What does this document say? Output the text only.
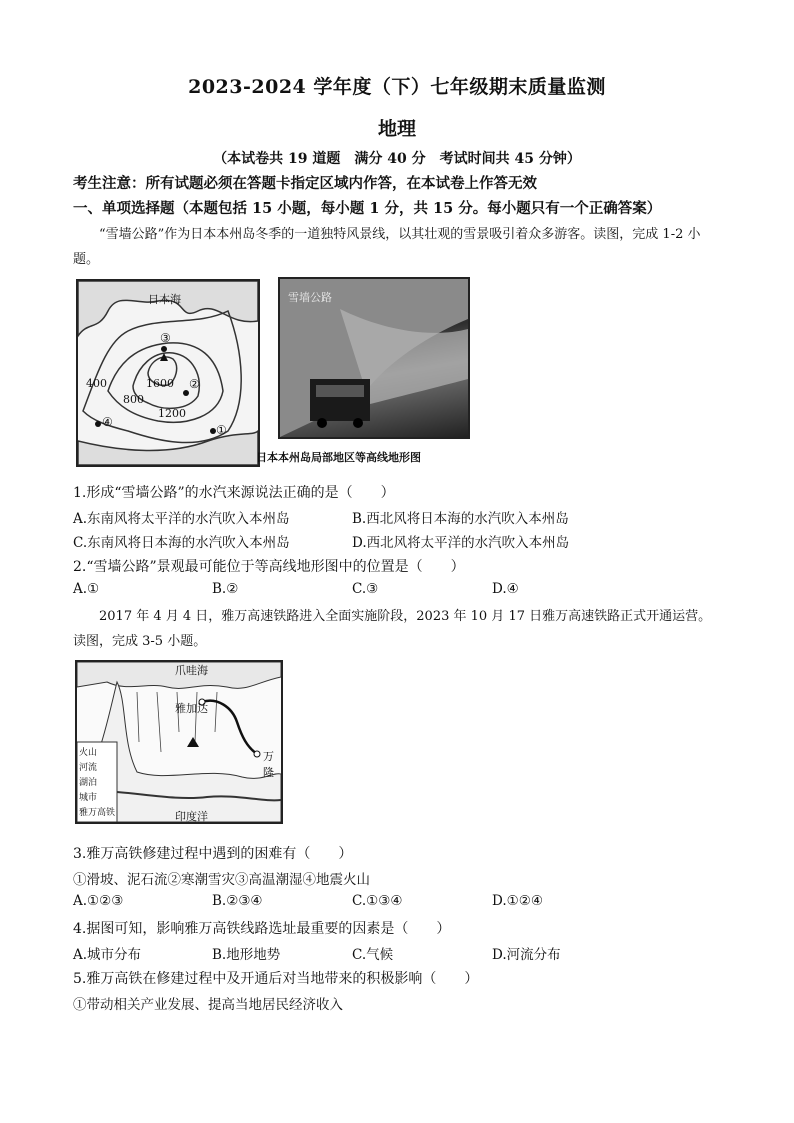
2023-2024 学年度（下）七年级期末质量监测
地理
（本试卷共 19 道题　满分 40 分　考试时间共 45 分钟）
考生注意：所有试题必须在答题卡指定区域内作答，在本试卷上作答无效
一、单项选择题（本题包括 15 小题，每小题 1 分，共 15 分。每小题只有一个正确答案）
“雪墙公路”作为日本本州岛冬季的一道独特风景线，以其壮观的雪景吸引着众多游客。读图，完成 1-2 小题。
日本海
400
800
1200
1600
①
②
③
④
雪墙公路
日本本州岛局部地区等高线地形图
1.形成“雪墙公路”的水汽来源说法正确的是（　　）
A.东南风将太平洋的水汽吹入本州岛	B.西北风将日本海的水汽吹入本州岛
C.东南风将日本海的水汽吹入本州岛	D.西北风将太平洋的水汽吹入本州岛
2.“雪墙公路”景观最可能位于等高线地形图中的位置是（　　）
A.①	B.②	C.③	D.④
2017 年 4 月 4 日，雅万高速铁路进入全面实施阶段，2023 年 10 月 17 日雅万高速铁路正式开通运营。读图，完成 3-5 小题。
爪哇海
印度洋
雅加达
万隆
火山
河流
湖泊
城市
雅万高铁
3.雅万高铁修建过程中遇到的困难有（　　）
①滑坡、泥石流②寒潮雪灾③高温潮湿④地震火山
A.①②③	B.②③④	C.①③④	D.①②④
4.据图可知，影响雅万高铁线路选址最重要的因素是（　　）
A.城市分布	B.地形地势	C.气候	D.河流分布
5.雅万高铁在修建过程中及开通后对当地带来的积极影响（　　）
①带动相关产业发展、提高当地居民经济收入
